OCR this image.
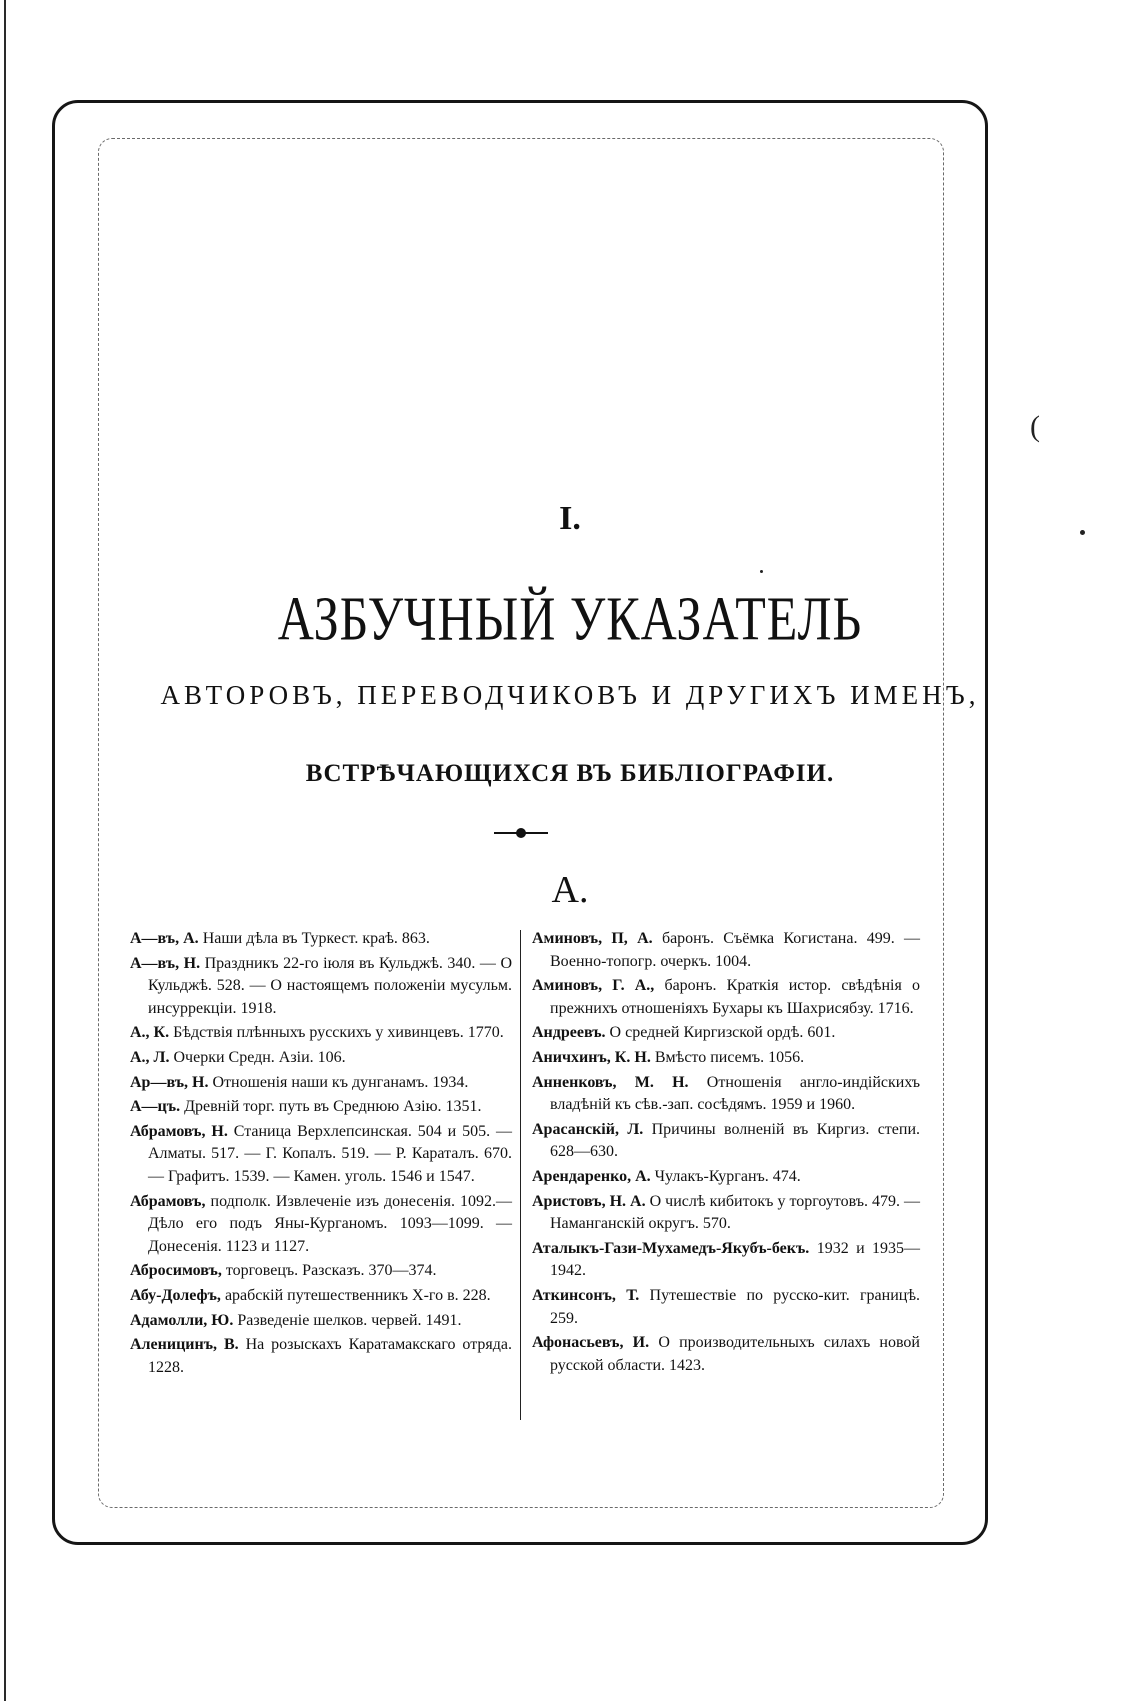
I.
АЗБУЧНЫЙ УКАЗАТЕЛЬ
АВТОРОВЪ, ПЕРЕВОДЧИКОВЪ И ДРУГИХЪ ИМЕНЪ,
ВСТРѢЧАЮЩИХСЯ ВЪ БИБЛІОГРАФІИ.
А.
А—въ, А. Наши дѣла въ Туркест. краѣ. 863.
А—въ, Н. Праздникъ 22-го іюля въ Кульджѣ. 340. — О Кульджѣ. 528. — О настоящемъ положеніи мусульм. инсуррекціи. 1918.
А., К. Бѣдствія плѣнныхъ русскихъ у хивинцевъ. 1770.
А., Л. Очерки Средн. Азіи. 106.
Ар—въ, Н. Отношенія наши къ дунганамъ. 1934.
А—цъ. Древній торг. путь въ Среднюю Азію. 1351.
Абрамовъ, Н. Станица Верхлепсинская. 504 и 505. — Алматы. 517. — Г. Копалъ. 519. — Р. Караталъ. 670. — Графитъ. 1539. — Камен. уголь. 1546 и 1547.
Абрамовъ, подполк. Извлеченіе изъ донесенія. 1092.—Дѣло его подъ Яны-Курганомъ. 1093—1099. — Донесенія. 1123 и 1127.
Абросимовъ, торговецъ. Разсказъ. 370—374.
Абу-Долефъ, арабскій путешественникъ X-го в. 228.
Адамолли, Ю. Разведеніе шелков. червей. 1491.
Аленицинъ, В. На розыскахъ Каратамакскаго отряда. 1228.
Аминовъ, П, А. баронъ. Съёмка Когистана. 499. — Военно-топогр. очеркъ. 1004.
Аминовъ, Г. А., баронъ. Краткія истор. свѣдѣнія о прежнихъ отношеніяхъ Бухары къ Шахрисябзу. 1716.
Андреевъ. О средней Киргизской ордѣ. 601.
Аничхинъ, К. Н. Вмѣсто писемъ. 1056.
Анненковъ, М. Н. Отношенія англо-индійскихъ владѣній къ сѣв.-зап. сосѣдямъ. 1959 и 1960.
Арасанскій, Л. Причины волненій въ Киргиз. степи. 628—630.
Арендаренко, А. Чулакъ-Курганъ. 474.
Аристовъ, Н. А. О числѣ кибитокъ у торгоутовъ. 479. — Наманганскій округъ. 570.
Аталыкъ-Гази-Мухамедъ-Якубъ-бекъ. 1932 и 1935—1942.
Аткинсонъ, Т. Путешествіе по русско-кит. границѣ. 259.
Афонасьевъ, И. О производительныхъ силахъ новой русской области. 1423.
(
